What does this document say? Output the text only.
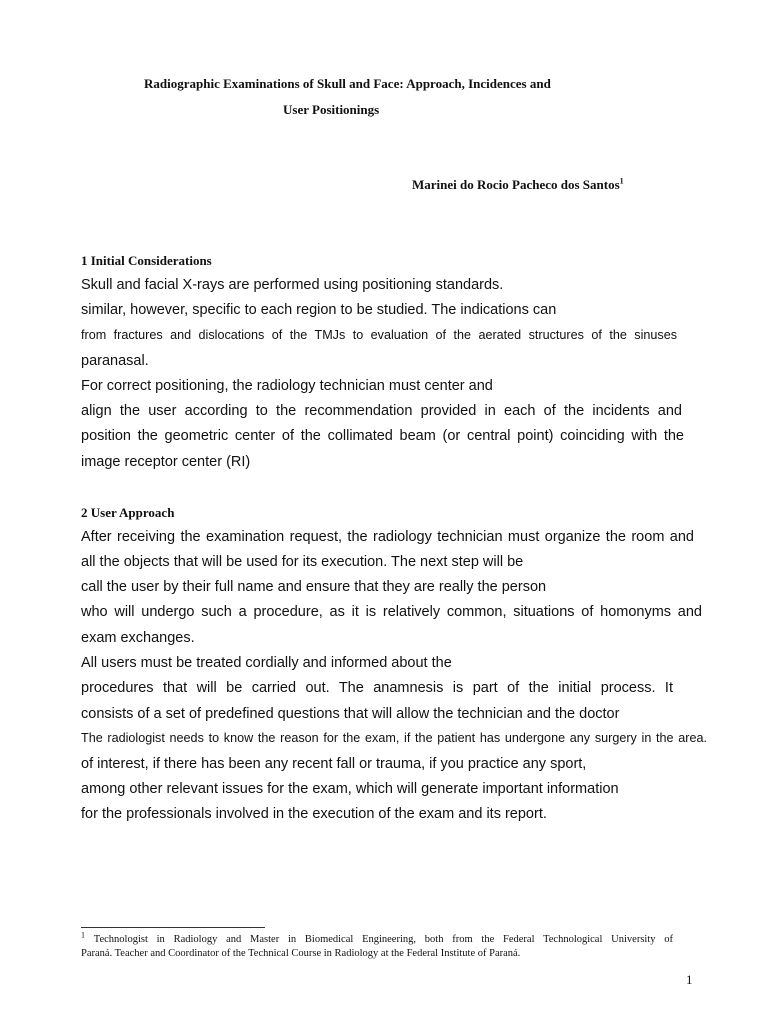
Radiographic Examinations of Skull and Face: Approach, Incidences and
User Positionings
Marinei do Rocio Pacheco dos Santos$^1$
1 Initial Considerations
Skull and facial X-rays are performed using positioning standards.
similar, however, specific to each region to be studied. The indications can
from fractures and dislocations of the TMJs to evaluation of the aerated structures of the sinuses
paranasal.
For correct positioning, the radiology technician must center and
align the user according to the recommendation provided in each of the incidents and
position the geometric center of the collimated beam (or central point) coinciding with the
image receptor center (RI)
2 User Approach
After receiving the examination request, the radiology technician must organize the room and
all the objects that will be used for its execution. The next step will be
call the user by their full name and ensure that they are really the person
who will undergo such a procedure, as it is relatively common, situations of homonyms and
exam exchanges.
All users must be treated cordially and informed about the
procedures that will be carried out. The anamnesis is part of the initial process. It
consists of a set of predefined questions that will allow the technician and the doctor
The radiologist needs to know the reason for the exam, if the patient has undergone any surgery in the area.
of interest, if there has been any recent fall or trauma, if you practice any sport,
among other relevant issues for the exam, which will generate important information
for the professionals involved in the execution of the exam and its report.
$^1$ Technologist in Radiology and Master in Biomedical Engineering, both from the Federal Technological University of
Paraná. Teacher and Coordinator of the Technical Course in Radiology at the Federal Institute of Paraná.
1
